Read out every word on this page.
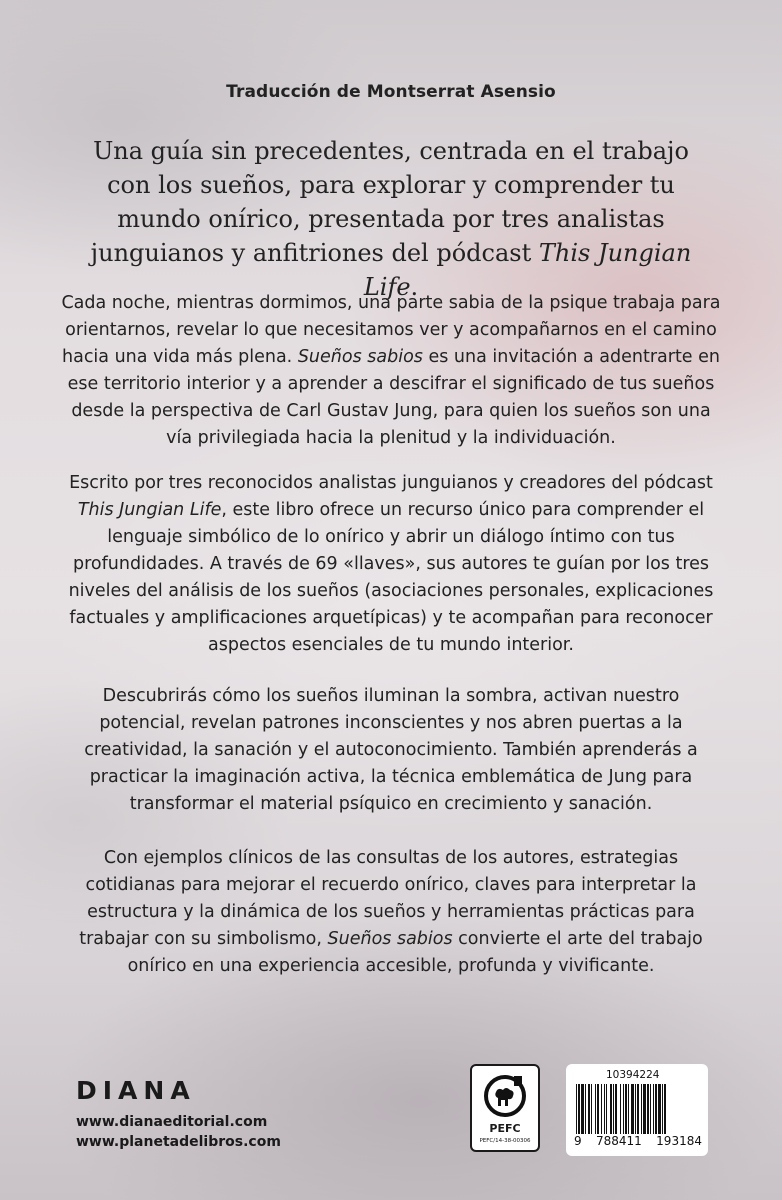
Traducción de Montserrat Asensio

Una guía sin precedentes, centrada en el trabajo con los sueños, para explorar y comprender tu mundo onírico, presentada por tres analistas junguianos y anfitriones del pódcast This Jungian Life.

Cada noche, mientras dormimos, una parte sabia de la psique trabaja para orientarnos, revelar lo que necesitamos ver y acompañarnos en el camino hacia una vida más plena. Sueños sabios es una invitación a adentrarte en ese territorio interior y a aprender a descifrar el significado de tus sueños desde la perspectiva de Carl Gustav Jung, para quien los sueños son una vía privilegiada hacia la plenitud y la individuación.

Escrito por tres reconocidos analistas junguianos y creadores del pódcast This Jungian Life, este libro ofrece un recurso único para comprender el lenguaje simbólico de lo onírico y abrir un diálogo íntimo con tus profundidades. A través de 69 «llaves», sus autores te guían por los tres niveles del análisis de los sueños (asociaciones personales, explicaciones factuales y amplificaciones arquetípicas) y te acompañan para reconocer aspectos esenciales de tu mundo interior.

Descubrirás cómo los sueños iluminan la sombra, activan nuestro potencial, revelan patrones inconscientes y nos abren puertas a la creatividad, la sanación y el autoconocimiento. También aprenderás a practicar la imaginación activa, la técnica emblemática de Jung para transformar el material psíquico en crecimiento y sanación.

Con ejemplos clínicos de las consultas de los autores, estrategias cotidianas para mejorar el recuerdo onírico, claves para interpretar la estructura y la dinámica de los sueños y herramientas prácticas para trabajar con su simbolismo, Sueños sabios convierte el arte del trabajo onírico en una experiencia accesible, profunda y vivificante.

DIANA
www.dianaeditorial.com
www.planetadelibros.com
PEFC
PEFC/14-38-00306
10394224
9 788411 193184
